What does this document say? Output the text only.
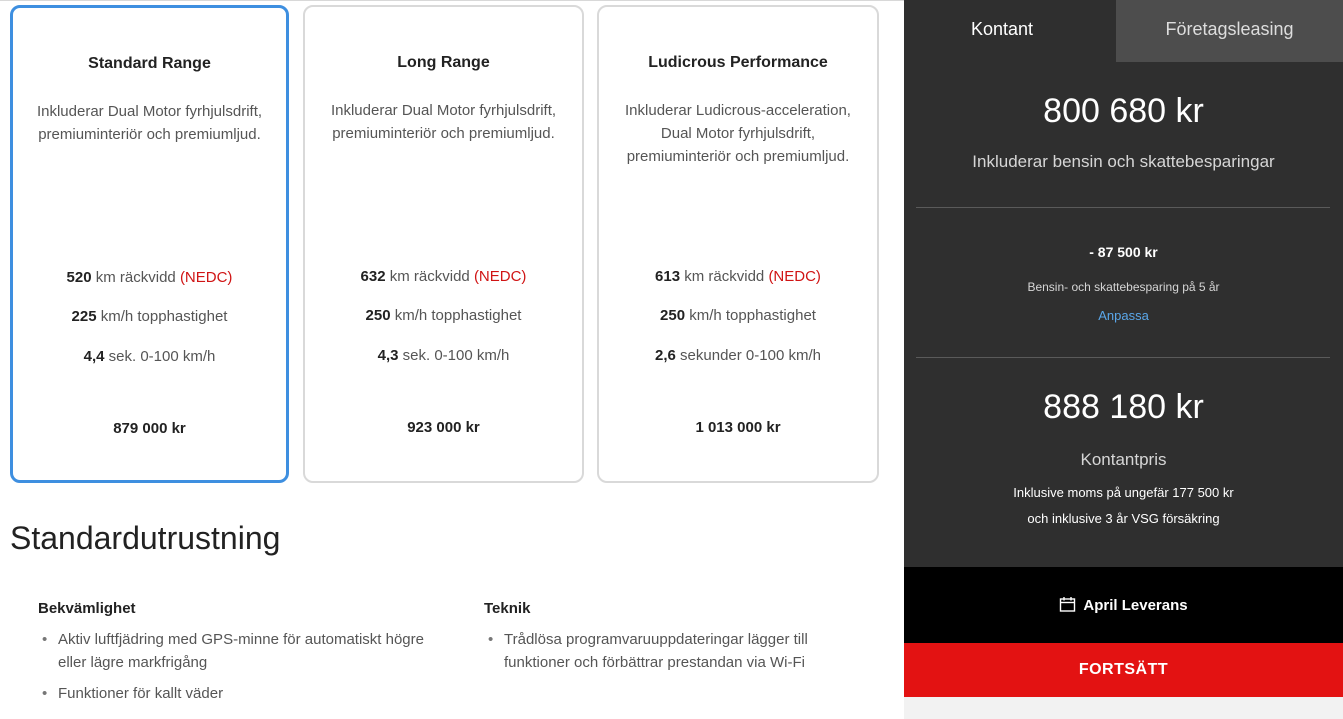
Standard Range
Inkluderar Dual Motor fyrhjulsdrift, premiuminteriör och premiumljud.
520 km räckvidd (NEDC)
225 km/h topphastighet
4,4 sek. 0-100 km/h
879 000 kr
Long Range
Inkluderar Dual Motor fyrhjulsdrift, premiuminteriör och premiumljud.
632 km räckvidd (NEDC)
250 km/h topphastighet
4,3 sek. 0-100 km/h
923 000 kr
Ludicrous Performance
Inkluderar Ludicrous-acceleration, Dual Motor fyrhjulsdrift, premiuminteriör och premiumljud.
613 km räckvidd (NEDC)
250 km/h topphastighet
2,6 sekunder 0-100 km/h
1 013 000 kr
Standardutrustning
Bekvämlighet
• Aktiv luftfjädring med GPS-minne för automatiskt högre eller lägre markfrigång
• Funktioner för kallt väder
Teknik
• Trådlösa programvaruuppdateringar lägger till funktioner och förbättrar prestandan via Wi-Fi
Kontant	Företagsleasing
800 680 kr
Inkluderar bensin och skattebesparingar
- 87 500 kr
Bensin- och skattebesparing på 5 år
Anpassa
888 180 kr
Kontantpris
Inklusive moms på ungefär 177 500 kr
och inklusive 3 år VSG försäkring
April Leverans
FORTSÄTT
